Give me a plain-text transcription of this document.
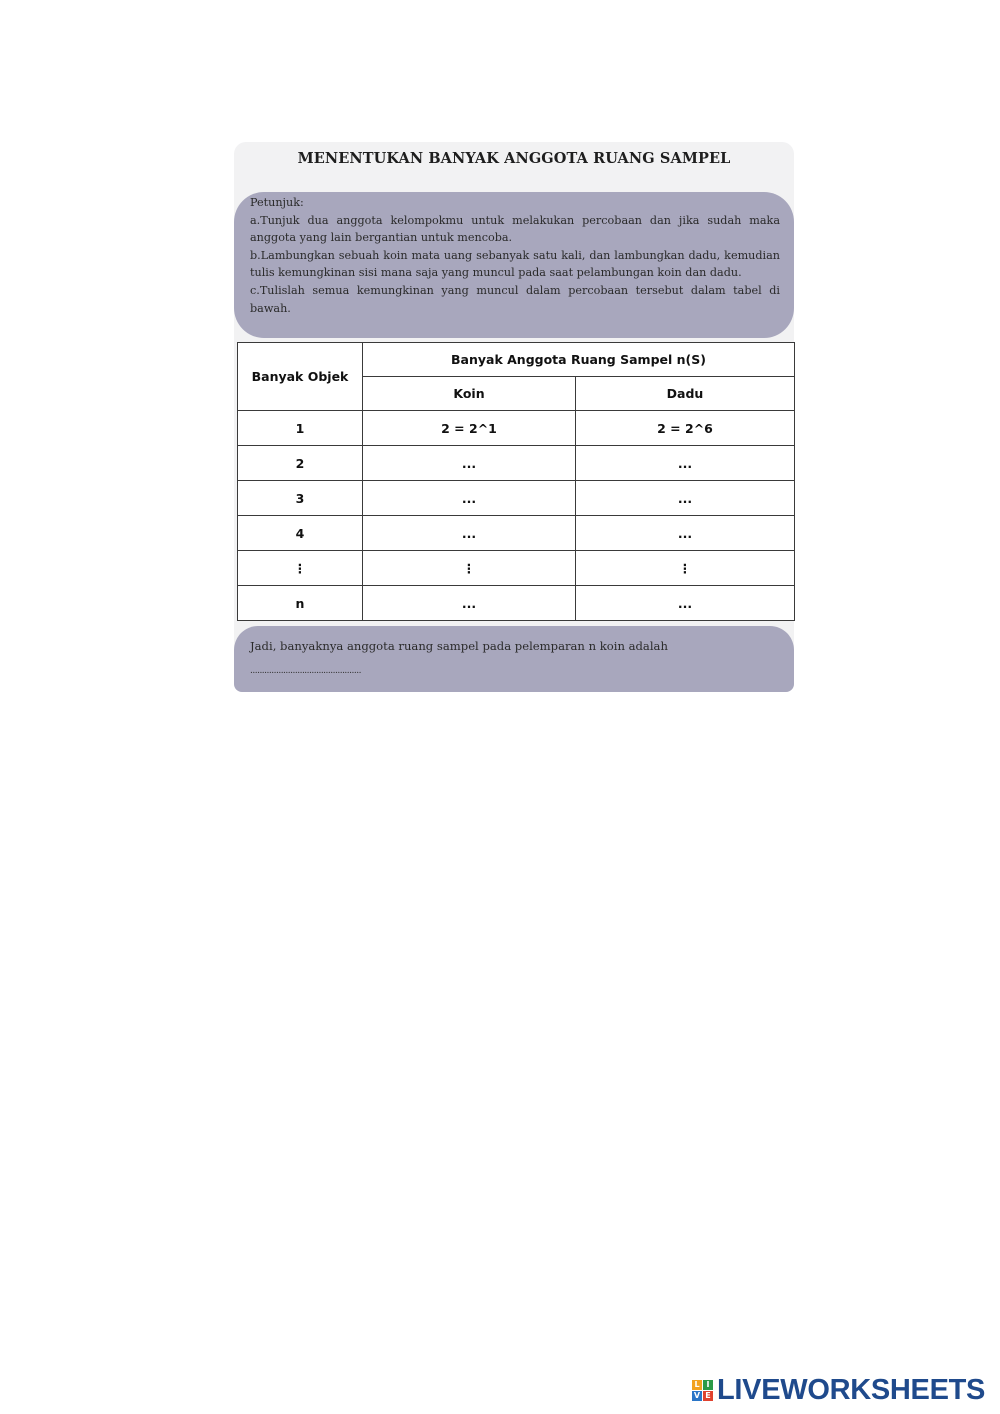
MENENTUKAN BANYAK ANGGOTA RUANG SAMPEL

Petunjuk:

a.Tunjuk dua anggota kelompokmu untuk melakukan percobaan dan jika sudah maka anggota yang lain bergantian untuk mencoba.

b.Lambungkan sebuah koin mata uang sebanyak satu kali, dan lambungkan dadu, kemudian tulis kemungkinan sisi mana saja yang muncul pada saat pelambungan koin dan dadu.

c.Tulislah semua kemungkinan yang muncul dalam percobaan tersebut dalam tabel di bawah.

Banyak Objek	Banyak Anggota Ruang Sampel n(S)	
	Koin	Dadu
1	2 = 2^1	2 = 2^6
2	...	...
3	...	...
4	...	...
⋮	⋮	⋮
n	...	...
Jadi, banyaknya anggota ruang sampel pada pelemparan n koin adalah
...............................................
L I
V E LIVEWORKSHEETS
